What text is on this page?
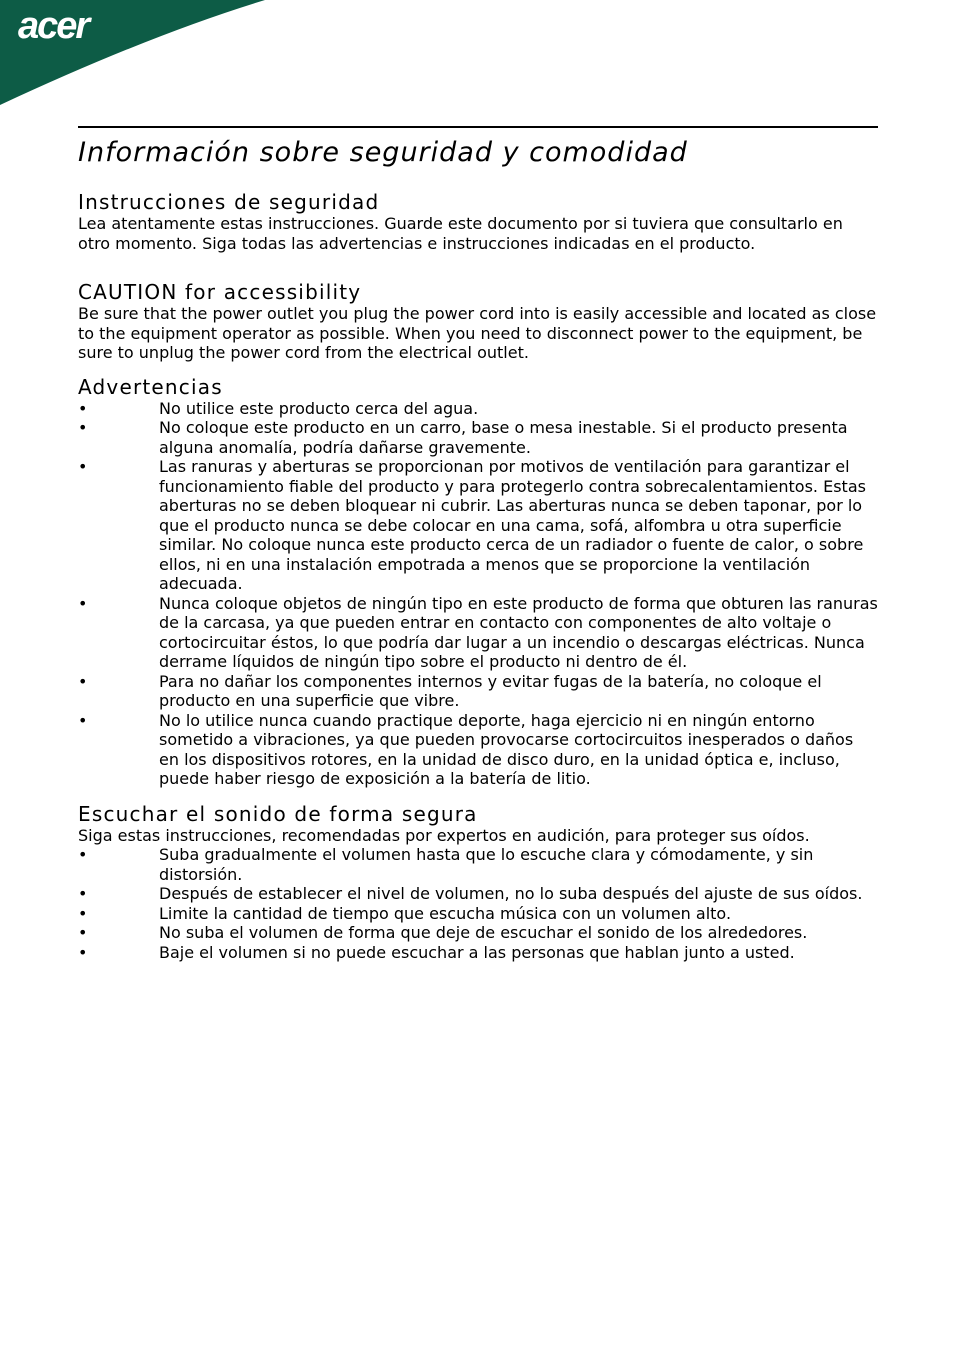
acer
Información sobre seguridad y comodidad
Instrucciones de seguridad

Lea atentamente estas instrucciones. Guarde este documento por si tuviera que consultarlo en otro momento. Siga todas las advertencias e instrucciones indicadas en el producto.

CAUTION for accessibility

Be sure that the power outlet you plug the power cord into is easily accessible and located as close to the equipment operator as possible. When you need to disconnect power to the equipment, be sure to unplug the power cord from the electrical outlet.

Advertencias
•	No utilice este producto cerca del agua.
•	No coloque este producto en un carro, base o mesa inestable. Si el producto presenta alguna anomalía, podría dañarse gravemente.
•	Las ranuras y aberturas se proporcionan por motivos de ventilación para garantizar el funcionamiento fiable del producto y para protegerlo contra sobrecalentamientos. Estas aberturas no se deben bloquear ni cubrir. Las aberturas nunca se deben taponar, por lo que el producto nunca se debe colocar en una cama, sofá, alfombra u otra superficie similar. No coloque nunca este producto cerca de un radiador o fuente de calor, o sobre ellos, ni en una instalación empotrada a menos que se proporcione la ventilación adecuada.
•	Nunca coloque objetos de ningún tipo en este producto de forma que obturen las ranuras de la carcasa, ya que pueden entrar en contacto con componentes de alto voltaje o cortocircuitar éstos, lo que podría dar lugar a un incendio o descargas eléctricas. Nunca derrame líquidos de ningún tipo sobre el producto ni dentro de él.
•	Para no dañar los componentes internos y evitar fugas de la batería, no coloque el producto en una superficie que vibre.
•	No lo utilice nunca cuando practique deporte, haga ejercicio ni en ningún entorno sometido a vibraciones, ya que pueden provocarse cortocircuitos inesperados o daños en los dispositivos rotores, en la unidad de disco duro, en la unidad óptica e, incluso, puede haber riesgo de exposición a la batería de litio.
Escuchar el sonido de forma segura

Siga estas instrucciones, recomendadas por expertos en audición, para proteger sus oídos.

•	Suba gradualmente el volumen hasta que lo escuche clara y cómodamente, y sin distorsión.
•	Después de establecer el nivel de volumen, no lo suba después del ajuste de sus oídos.
•	Limite la cantidad de tiempo que escucha música con un volumen alto.
•	No suba el volumen de forma que deje de escuchar el sonido de los alrededores.
•	Baje el volumen si no puede escuchar a las personas que hablan junto a usted.
